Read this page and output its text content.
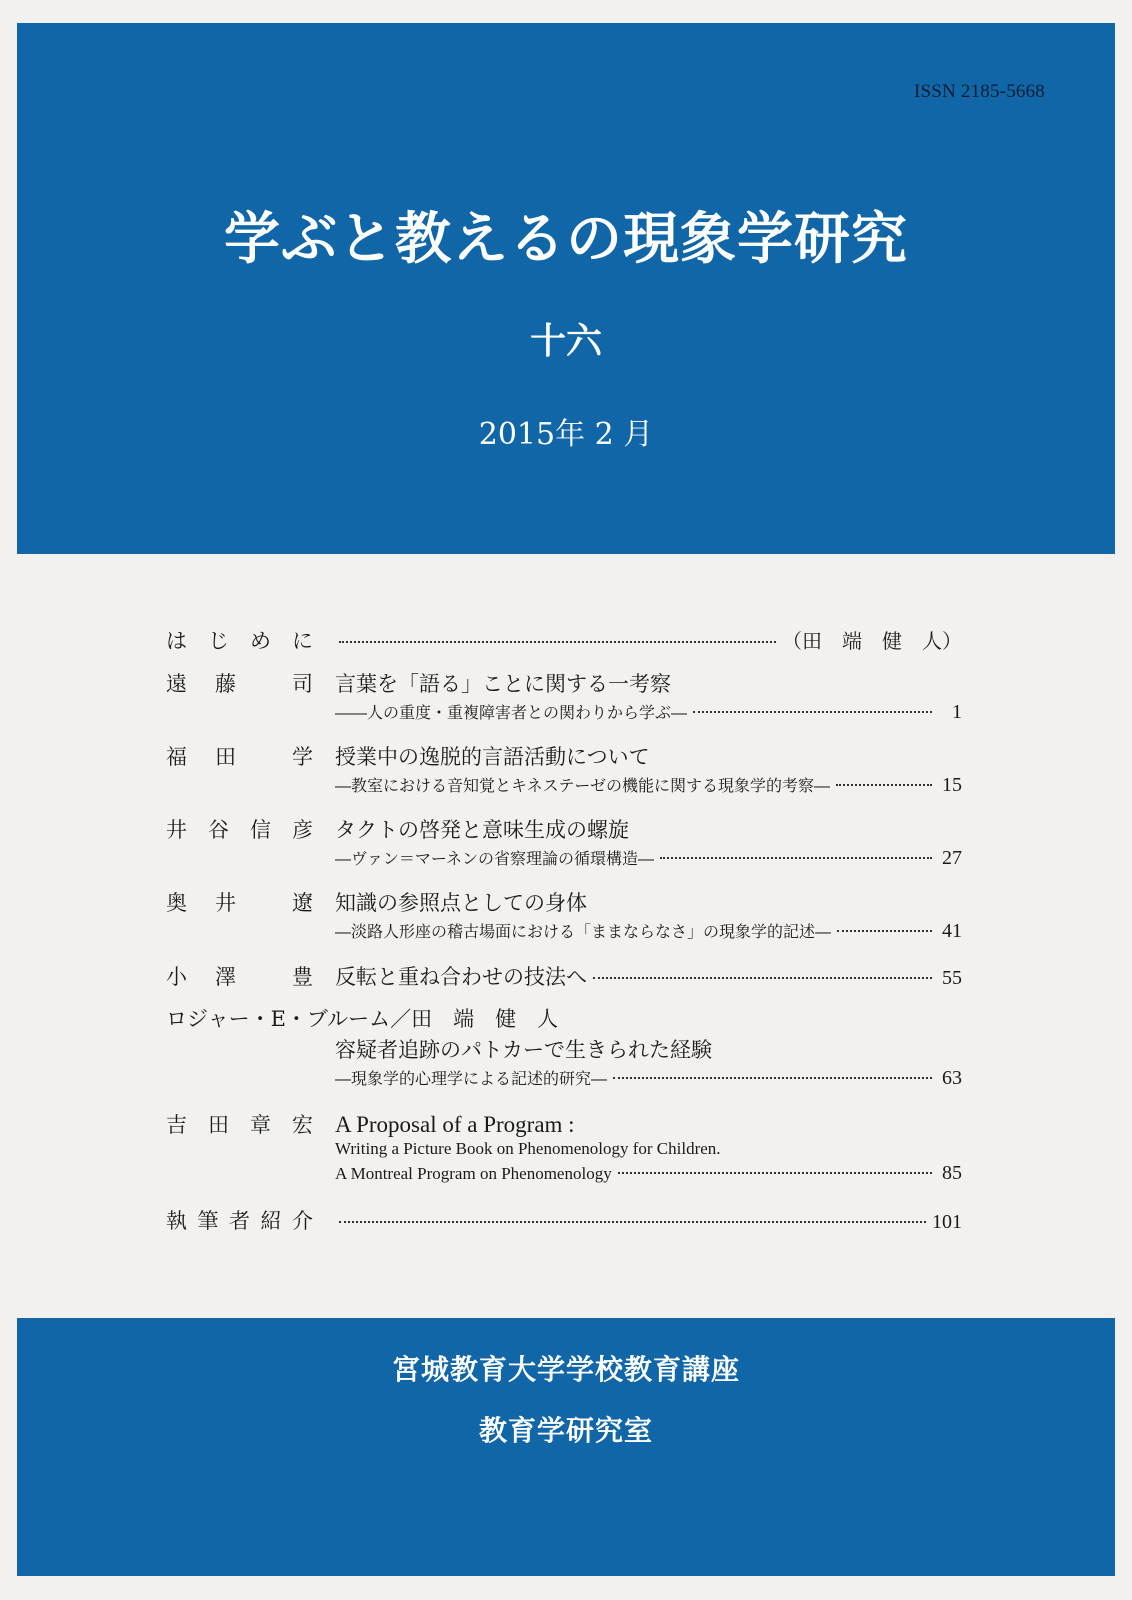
ISSN 2185-5668
学ぶと教えるの現象学研究
十六
2015年 2 月
は じ め に	（田　端　健　人）
遠 藤	司 言葉を「語る」ことに関する一考察
――人の重度・重複障害者との関わりから学ぶ―	1
福 田	学 授業中の逸脱的言語活動について
―教室における音知覚とキネステーゼの機能に関する現象学的考察―	15
井 谷 信 彦 タクトの啓発と意味生成の螺旋
―ヴァン＝マーネンの省察理論の循環構造―	27
奥 井	遼 知識の参照点としての身体
―淡路人形座の稽古場面における「ままならなさ」の現象学的記述―	41
小 澤	豊 反転と重ね合わせの技法へ	55
ロジャー・E・ブルーム／田　端　健　人
容疑者追跡のパトカーで生きられた経験
―現象学的心理学による記述的研究―	63
吉 田 章 宏 A Proposal of a Program :
Writing a Picture Book on Phenomenology for Children.
A Montreal Program on Phenomenology	85
執 筆 者 紹 介	101
宮城教育大学学校教育講座
教育学研究室
